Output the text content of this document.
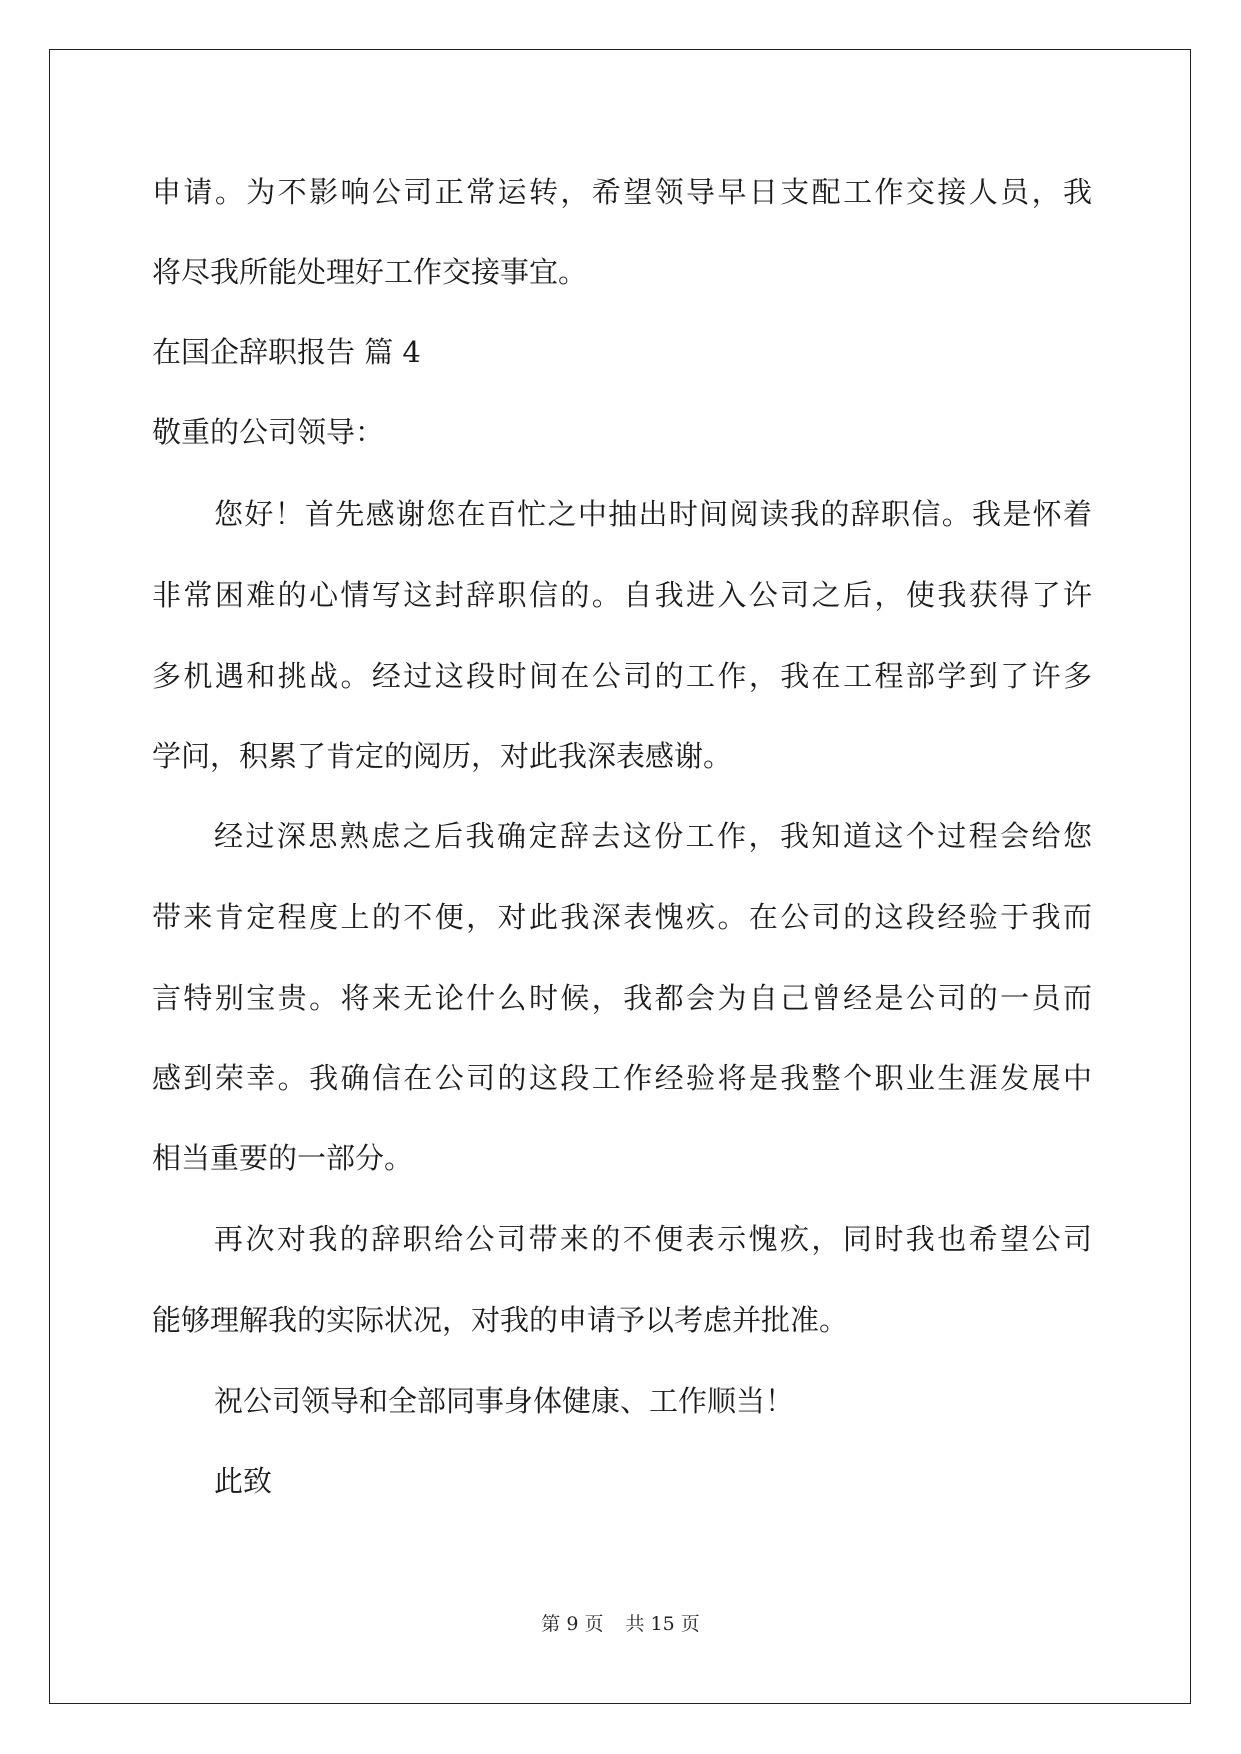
申请。为不影响公司正常运转，希望领导早日支配工作交接人员，我
将尽我所能处理好工作交接事宜。
在国企辞职报告 篇 4
敬重的公司领导：
您好！首先感谢您在百忙之中抽出时间阅读我的辞职信。我是怀着
非常困难的心情写这封辞职信的。自我进入公司之后，使我获得了许
多机遇和挑战。经过这段时间在公司的工作，我在工程部学到了许多
学问，积累了肯定的阅历，对此我深表感谢。
经过深思熟虑之后我确定辞去这份工作，我知道这个过程会给您
带来肯定程度上的不便，对此我深表愧疚。在公司的这段经验于我而
言特别宝贵。将来无论什么时候，我都会为自己曾经是公司的一员而
感到荣幸。我确信在公司的这段工作经验将是我整个职业生涯发展中
相当重要的一部分。
再次对我的辞职给公司带来的不便表示愧疚，同时我也希望公司
能够理解我的实际状况，对我的申请予以考虑并批准。
祝公司领导和全部同事身体健康、工作顺当！
此致
第 9 页 共 15 页
